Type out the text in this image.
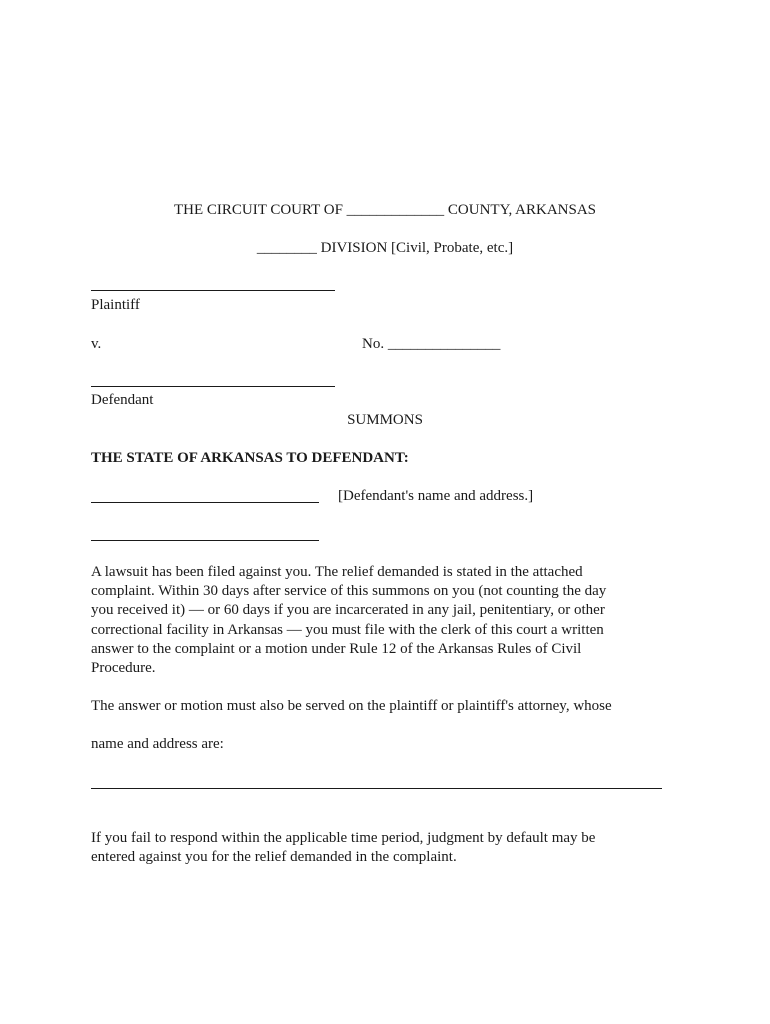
THE CIRCUIT COURT OF _____________ COUNTY, ARKANSAS
________ DIVISION [Civil, Probate, etc.]
Plaintiff
v.	No. _______________
Defendant
SUMMONS
THE STATE OF ARKANSAS TO DEFENDANT:
[Defendant's name and address.]
A lawsuit has been filed against you. The relief demanded is stated in the attached
complaint. Within 30 days after service of this summons on you (not counting the day
you received it) — or 60 days if you are incarcerated in any jail, penitentiary, or other
correctional facility in Arkansas — you must file with the clerk of this court a written
answer to the complaint or a motion under Rule 12 of the Arkansas Rules of Civil
Procedure.
The answer or motion must also be served on the plaintiff or plaintiff's attorney, whose
name and address are:
If you fail to respond within the applicable time period, judgment by default may be
entered against you for the relief demanded in the complaint.
